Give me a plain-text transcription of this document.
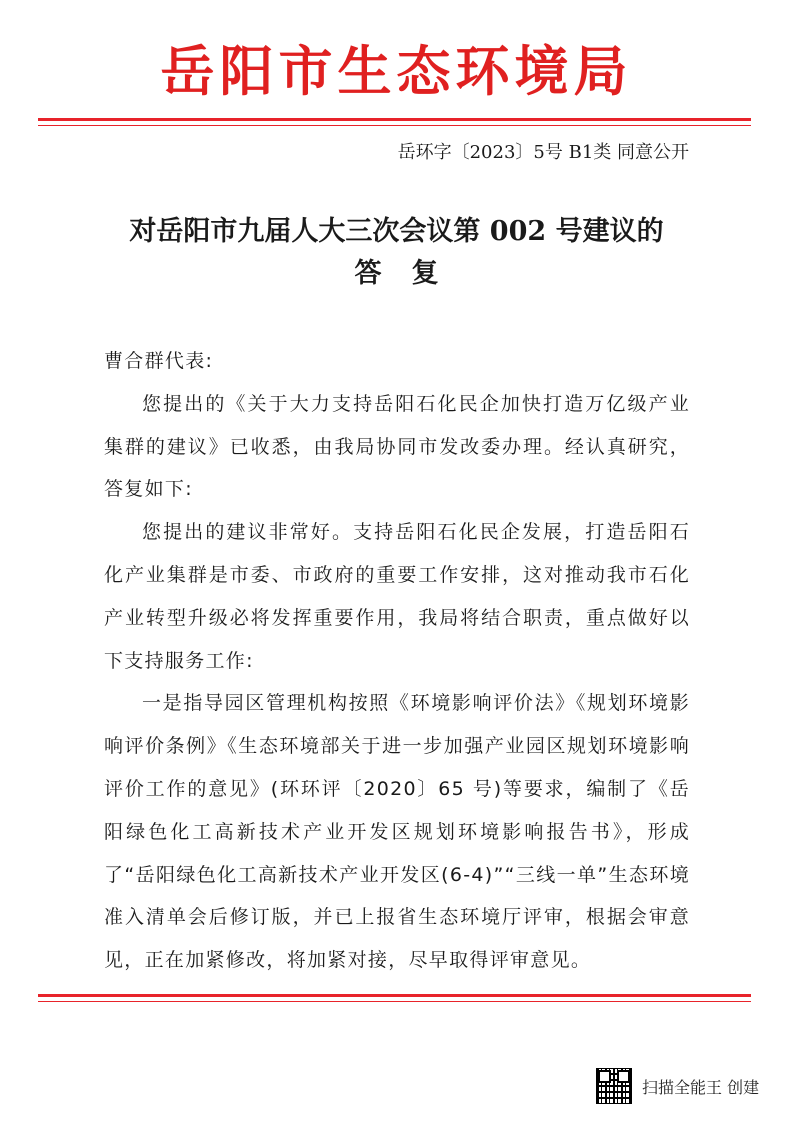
岳阳市生态环境局
岳环字〔2023〕5号 B1类 同意公开
对岳阳市九届人大三次会议第 002 号建议的
答复

曹合群代表:

您提出的《关于大力支持岳阳石化民企加快打造万亿级产业集群的建议》已收悉，由我局协同市发改委办理。经认真研究，答复如下:

您提出的建议非常好。支持岳阳石化民企发展，打造岳阳石化产业集群是市委、市政府的重要工作安排，这对推动我市石化产业转型升级必将发挥重要作用，我局将结合职责，重点做好以下支持服务工作:

一是指导园区管理机构按照《环境影响评价法》《规划环境影响评价条例》《生态环境部关于进一步加强产业园区规划环境影响评价工作的意见》(环环评〔2020〕65 号)等要求，编制了《岳阳绿色化工高新技术产业开发区规划环境影响报告书》，形成了“岳阳绿色化工高新技术产业开发区(6-4)”“三线一单”生态环境准入清单会后修订版，并已上报省生态环境厅评审，根据会审意见，正在加紧修改，将加紧对接，尽早取得评审意见。

扫描全能王 创建
